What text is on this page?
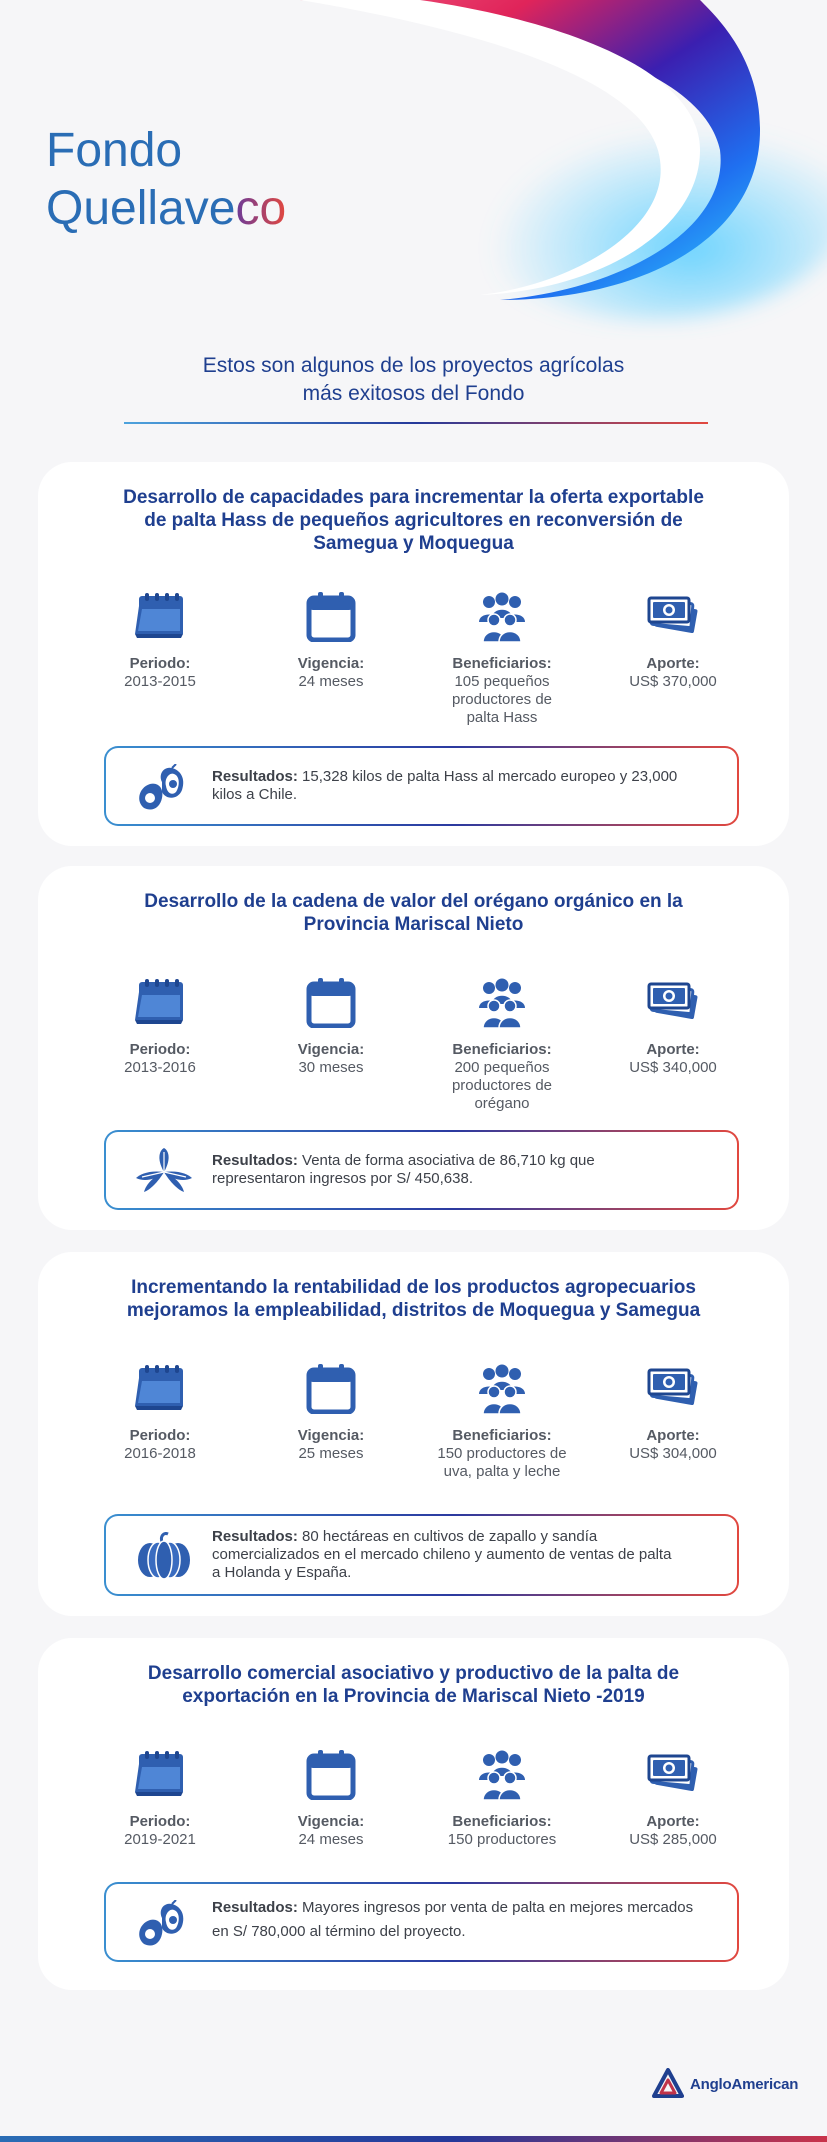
Fondo
Quellaveco
Estos son algunos de los proyectos agrícolas
más exitosos del Fondo
Desarrollo de capacidades para incrementar la oferta exportable
de palta Hass de pequeños agricultores en reconversión de
Samegua y Moquegua
Periodo:
2013-2015
Vigencia:
24 meses
Beneficiarios:
105 pequeños
productores de
palta Hass
Aporte:
US$ 370,000
Resultados: 15,328 kilos de palta Hass al mercado europeo y 23,000
kilos a Chile.
Desarrollo de la cadena de valor del orégano orgánico en la
Provincia Mariscal Nieto
Periodo:
2013-2016
Vigencia:
30 meses
Beneficiarios:
200 pequeños
productores de
orégano
Aporte:
US$ 340,000
Resultados: Venta de forma asociativa de 86,710 kg que
representaron ingresos por S/ 450,638.
Incrementando la rentabilidad de los productos agropecuarios
mejoramos la empleabilidad, distritos de Moquegua y Samegua
Periodo:
2016-2018
Vigencia:
25 meses
Beneficiarios:
150 productores de
uva, palta y leche
Aporte:
US$ 304,000
Resultados: 80 hectáreas en cultivos de zapallo y sandía
comercializados en el mercado chileno y aumento de ventas de palta
a Holanda y España.
Desarrollo comercial asociativo y productivo de la palta de
exportación en la Provincia de Mariscal Nieto -2019
Periodo:
2019-2021
Vigencia:
24 meses
Beneficiarios:
150 productores
Aporte:
US$ 285,000
Resultados: Mayores ingresos por venta de palta en mejores mercados
en S/ 780,000 al término del proyecto.
AngloAmerican
